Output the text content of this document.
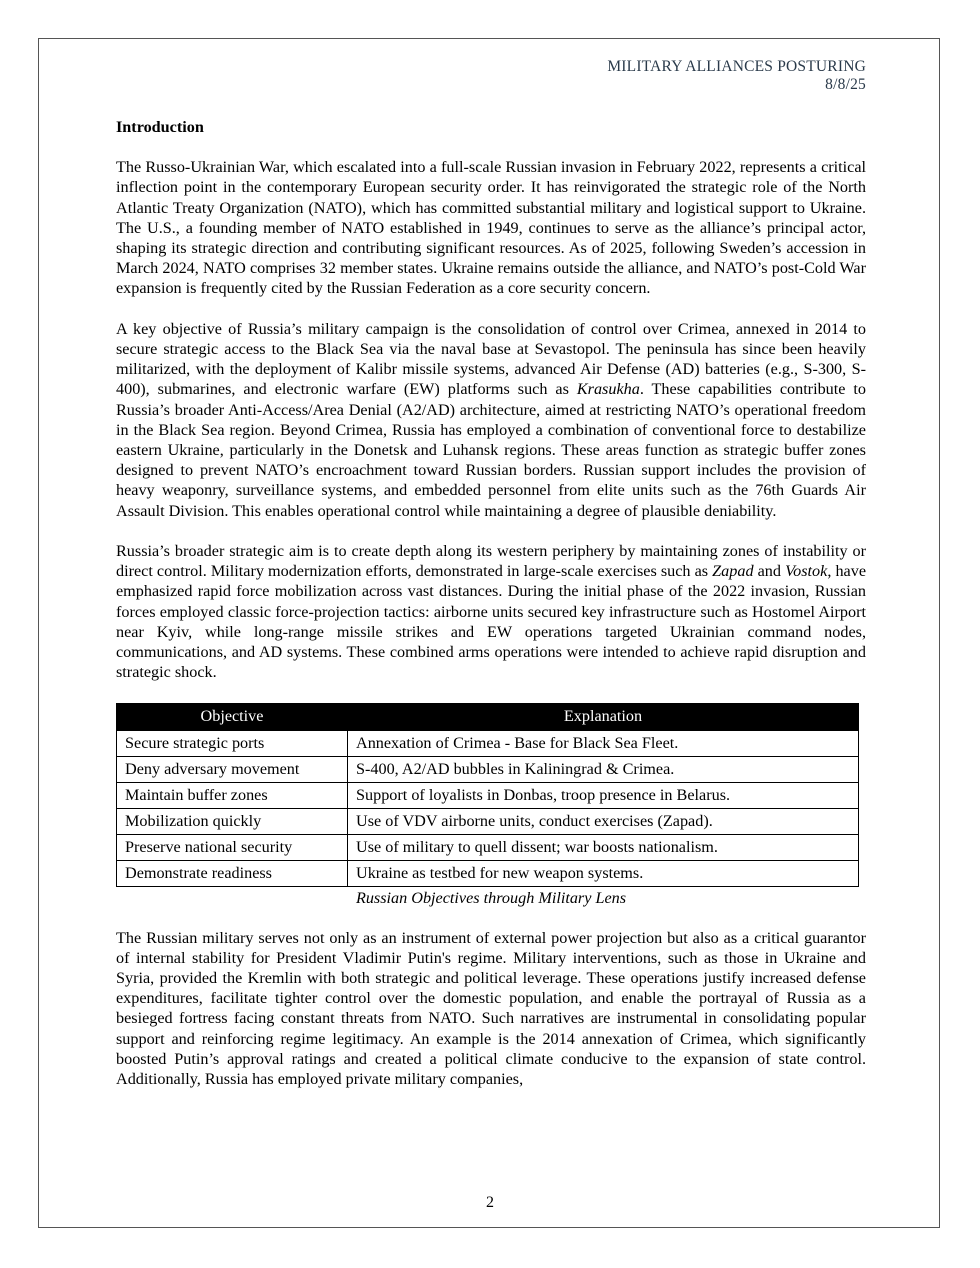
MILITARY ALLIANCES POSTURING
8/8/25
Introduction

The Russo-Ukrainian War, which escalated into a full-scale Russian invasion in February 2022, represents a critical inflection point in the contemporary European security order. It has reinvigorated the strategic role of the North Atlantic Treaty Organization (NATO), which has committed substantial military and logistical support to Ukraine. The U.S., a founding member of NATO established in 1949, continues to serve as the alliance’s principal actor, shaping its strategic direction and contributing significant resources. As of 2025, following Sweden’s accession in March 2024, NATO comprises 32 member states. Ukraine remains outside the alliance, and NATO’s post-Cold War expansion is frequently cited by the Russian Federation as a core security concern.

A key objective of Russia’s military campaign is the consolidation of control over Crimea, annexed in 2014 to secure strategic access to the Black Sea via the naval base at Sevastopol. The peninsula has since been heavily militarized, with the deployment of Kalibr missile systems, advanced Air Defense (AD) batteries (e.g., S-300, S-400), submarines, and electronic warfare (EW) platforms such as Krasukha. These capabilities contribute to Russia’s broader Anti-Access/Area Denial (A2/AD) architecture, aimed at restricting NATO’s operational freedom in the Black Sea region. Beyond Crimea, Russia has employed a combination of conventional force to destabilize eastern Ukraine, particularly in the Donetsk and Luhansk regions. These areas function as strategic buffer zones designed to prevent NATO’s encroachment toward Russian borders. Russian support includes the provision of heavy weaponry, surveillance systems, and embedded personnel from elite units such as the 76th Guards Air Assault Division. This enables operational control while maintaining a degree of plausible deniability.

Russia’s broader strategic aim is to create depth along its western periphery by maintaining zones of instability or direct control. Military modernization efforts, demonstrated in large-scale exercises such as Zapad and Vostok, have emphasized rapid force mobilization across vast distances. During the initial phase of the 2022 invasion, Russian forces employed classic force-projection tactics: airborne units secured key infrastructure such as Hostomel Airport near Kyiv, while long-range missile strikes and EW operations targeted Ukrainian command nodes, communications, and AD systems. These combined arms operations were intended to achieve rapid disruption and strategic shock.

Objective	Explanation
Secure strategic ports	Annexation of Crimea - Base for Black Sea Fleet.
Deny adversary movement	S-400, A2/AD bubbles in Kaliningrad & Crimea.
Maintain buffer zones	Support of loyalists in Donbas, troop presence in Belarus.
Mobilization quickly	Use of VDV airborne units, conduct exercises (Zapad).
Preserve national security	Use of military to quell dissent; war boosts nationalism.
Demonstrate readiness	Ukraine as testbed for new weapon systems.
Russian Objectives through Military Lens

The Russian military serves not only as an instrument of external power projection but also as a critical guarantor of internal stability for President Vladimir Putin's regime. Military interventions, such as those in Ukraine and Syria, provided the Kremlin with both strategic and political leverage. These operations justify increased defense expenditures, facilitate tighter control over the domestic population, and enable the portrayal of Russia as a besieged fortress facing constant threats from NATO. Such narratives are instrumental in consolidating popular support and reinforcing regime legitimacy. An example is the 2014 annexation of Crimea, which significantly boosted Putin’s approval ratings and created a political climate conducive to the expansion of state control. Additionally, Russia has employed private military companies,

2
